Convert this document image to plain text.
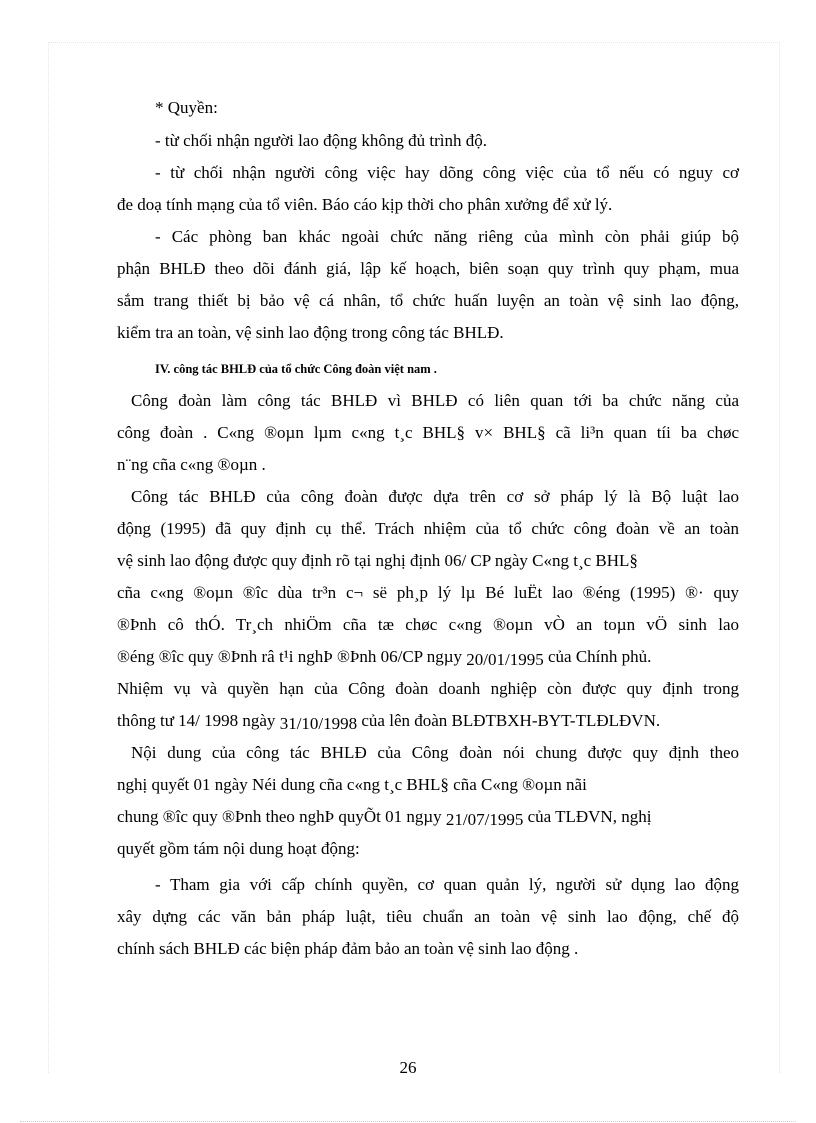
* Quyền:

- từ chối nhận người lao động không đủ trình độ.

- từ chối nhận người công việc hay dõng công việc của tổ nếu có nguy cơ

đe doạ tính mạng của tổ viên. Báo cáo kịp thời cho phân xưởng để xử lý.

- Các phòng ban khác ngoài chức năng riêng của mình còn phải giúp bộ

phận BHLĐ theo dõi đánh giá, lập kế hoạch, biên soạn quy trình quy phạm, mua

sắm trang thiết bị bảo vệ cá nhân, tổ chức huấn luyện an toàn vệ sinh lao động,

kiểm tra an toàn, vệ sinh lao động trong công tác BHLĐ.

IV. công tác BHLĐ của tổ chức Công đoàn việt nam .

Công đoàn làm công tác BHLĐ vì BHLĐ có liên quan tới ba chức năng của

công đoàn . C«ng ®oµn lµm c«ng t¸c BHL§ v× BHL§ cã li³n quan tíi ba chøc

n¨ng cña c«ng ®oµn .

Công tác BHLĐ của công đoàn được dựa trên cơ sở pháp lý là Bộ luật lao

động (1995) đã quy định cụ thể. Trách nhiệm của tổ chức công đoàn về an toàn

vệ sinh lao động được quy định rõ tại nghị định 06/ CP ngày C«ng t¸c BHL§

cña c«ng ®oµn ®îc dùa tr³n c¬ së ph¸p lý lµ Bé luËt lao ®éng (1995) ®· quy

®Þnh cô thÓ. Tr¸ch nhiÖm cña tæ chøc c«ng ®oµn vÒ an toµn vÖ sinh lao

®éng ®îc quy ®Þnh râ t¹i nghÞ ®Þnh 06/CP ngµy 20/01/1995 của Chính phủ.

Nhiệm vụ và quyền hạn của Công đoàn doanh nghiệp còn được quy định trong

thông tư 14/ 1998 ngày 31/10/1998 của lên đoàn BLĐTBXH-BYT-TLĐLĐVN.

Nội dung của công tác BHLĐ của Công đoàn nói chung được quy định theo

nghị quyết 01 ngày Néi dung cña c«ng t¸c BHL§ cña C«ng ®oµn nãi

chung ®îc quy ®Þnh theo nghÞ quyÕt 01 ngµy 21/07/1995 của TLĐVN, nghị

quyết gồm tám nội dung hoạt động:

- Tham gia với cấp chính quyền, cơ quan quản lý, người sử dụng lao động

xây dựng các văn bản pháp luật, tiêu chuẩn an toàn vệ sinh lao động, chế độ

chính sách BHLĐ các biện pháp đảm bảo an toàn vệ sinh lao động .

26
